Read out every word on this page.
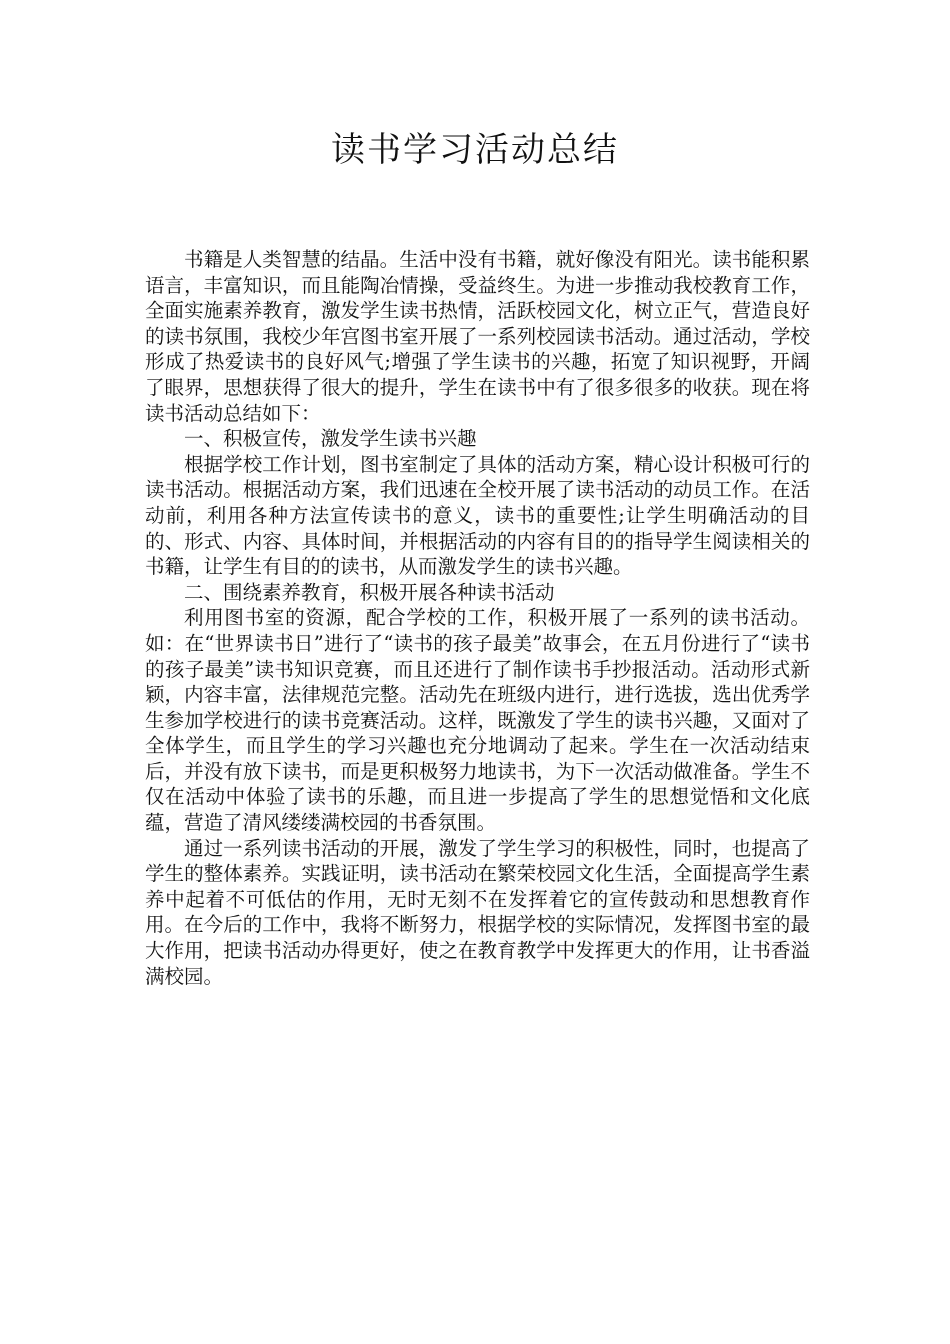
读书学习活动总结

书籍是人类智慧的结晶。生活中没有书籍，就好像没有阳光。读书能积累语言，丰富知识，而且能陶冶情操，受益终生。为进一步推动我校教育工作，全面实施素养教育，激发学生读书热情，活跃校园文化，树立正气，营造良好的读书氛围，我校少年宫图书室开展了一系列校园读书活动。通过活动，学校形成了热爱读书的良好风气;增强了学生读书的兴趣，拓宽了知识视野，开阔了眼界，思想获得了很大的提升，学生在读书中有了很多很多的收获。现在将读书活动总结如下：

一、积极宣传，激发学生读书兴趣

根据学校工作计划，图书室制定了具体的活动方案，精心设计积极可行的读书活动。根据活动方案，我们迅速在全校开展了读书活动的动员工作。在活动前，利用各种方法宣传读书的意义，读书的重要性;让学生明确活动的目的、形式、内容、具体时间，并根据活动的内容有目的的指导学生阅读相关的书籍，让学生有目的的读书，从而激发学生的读书兴趣。

二、围绕素养教育，积极开展各种读书活动

利用图书室的资源，配合学校的工作，积极开展了一系列的读书活动。如：在“世界读书日”进行了“读书的孩子最美”故事会，在五月份进行了“读书的孩子最美”读书知识竞赛，而且还进行了制作读书手抄报活动。活动形式新颖，内容丰富，法律规范完整。活动先在班级内进行，进行选拔，选出优秀学生参加学校进行的读书竞赛活动。这样，既激发了学生的读书兴趣，又面对了全体学生，而且学生的学习兴趣也充分地调动了起来。学生在一次活动结束后，并没有放下读书，而是更积极努力地读书，为下一次活动做准备。学生不仅在活动中体验了读书的乐趣，而且进一步提高了学生的思想觉悟和文化底蕴，营造了清风缕缕满校园的书香氛围。

通过一系列读书活动的开展，激发了学生学习的积极性，同时，也提高了学生的整体素养。实践证明，读书活动在繁荣校园文化生活，全面提高学生素养中起着不可低估的作用，无时无刻不在发挥着它的宣传鼓动和思想教育作用。在今后的工作中，我将不断努力，根据学校的实际情况，发挥图书室的最大作用，把读书活动办得更好，使之在教育教学中发挥更大的作用，让书香溢满校园。
